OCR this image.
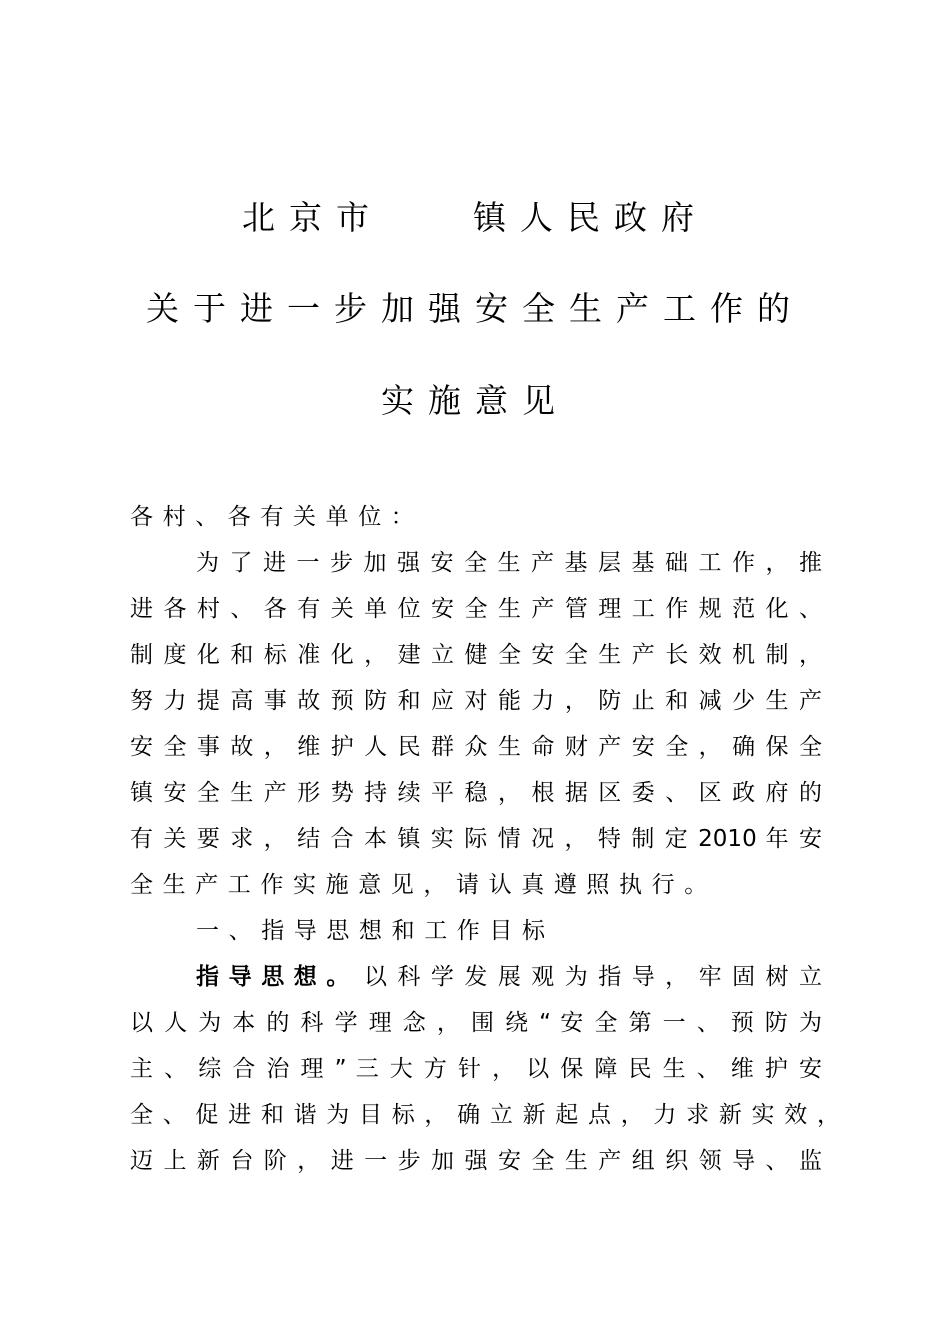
北京市	镇人民政府
关于进一步加强安全生产工作的
实施意见
各村、各有关单位：
为 了 进 一 步 加 强 安 全 生 产 基 层 基 础 工 作 ， 推
进 各 村 、 各 有 关 单 位 安 全 生 产 管 理 工 作 规 范 化 、
制 度 化 和 标 准 化 ， 建 立 健 全 安 全 生 产 长 效 机 制 ，
努 力 提 高 事 故 预 防 和 应 对 能 力 ， 防 止 和 减 少 生 产
安 全 事 故 ， 维 护 人 民 群 众 生 命 财 产 安 全 ， 确 保 全
镇 安 全 生 产 形 势 持 续 平 稳 ， 根 据 区 委 、 区 政 府 的
有 关 要 求 ， 结 合 本 镇 实 际 情 况 ， 特 制 定 2010 年 安
全生产工作实施意见，请认真遵照执行。
一、指导思想和工作目标
指导思想。 以 科 学 发 展 观 为 指 导 ， 牢 固 树 立
以 人 为 本 的 科 学 理 念 ， 围 绕 “ 安 全 第 一 、 预 防 为
主 、 综 合 治 理 ” 三 大 方 针 ， 以 保 障 民 生 、 维 护 安
全 、 促 进 和 谐 为 目 标 ， 确 立 新 起 点 ， 力 求 新 实 效 ，
迈 上 新 台 阶 ， 进 一 步 加 强 安 全 生 产 组 织 领 导 、 监
